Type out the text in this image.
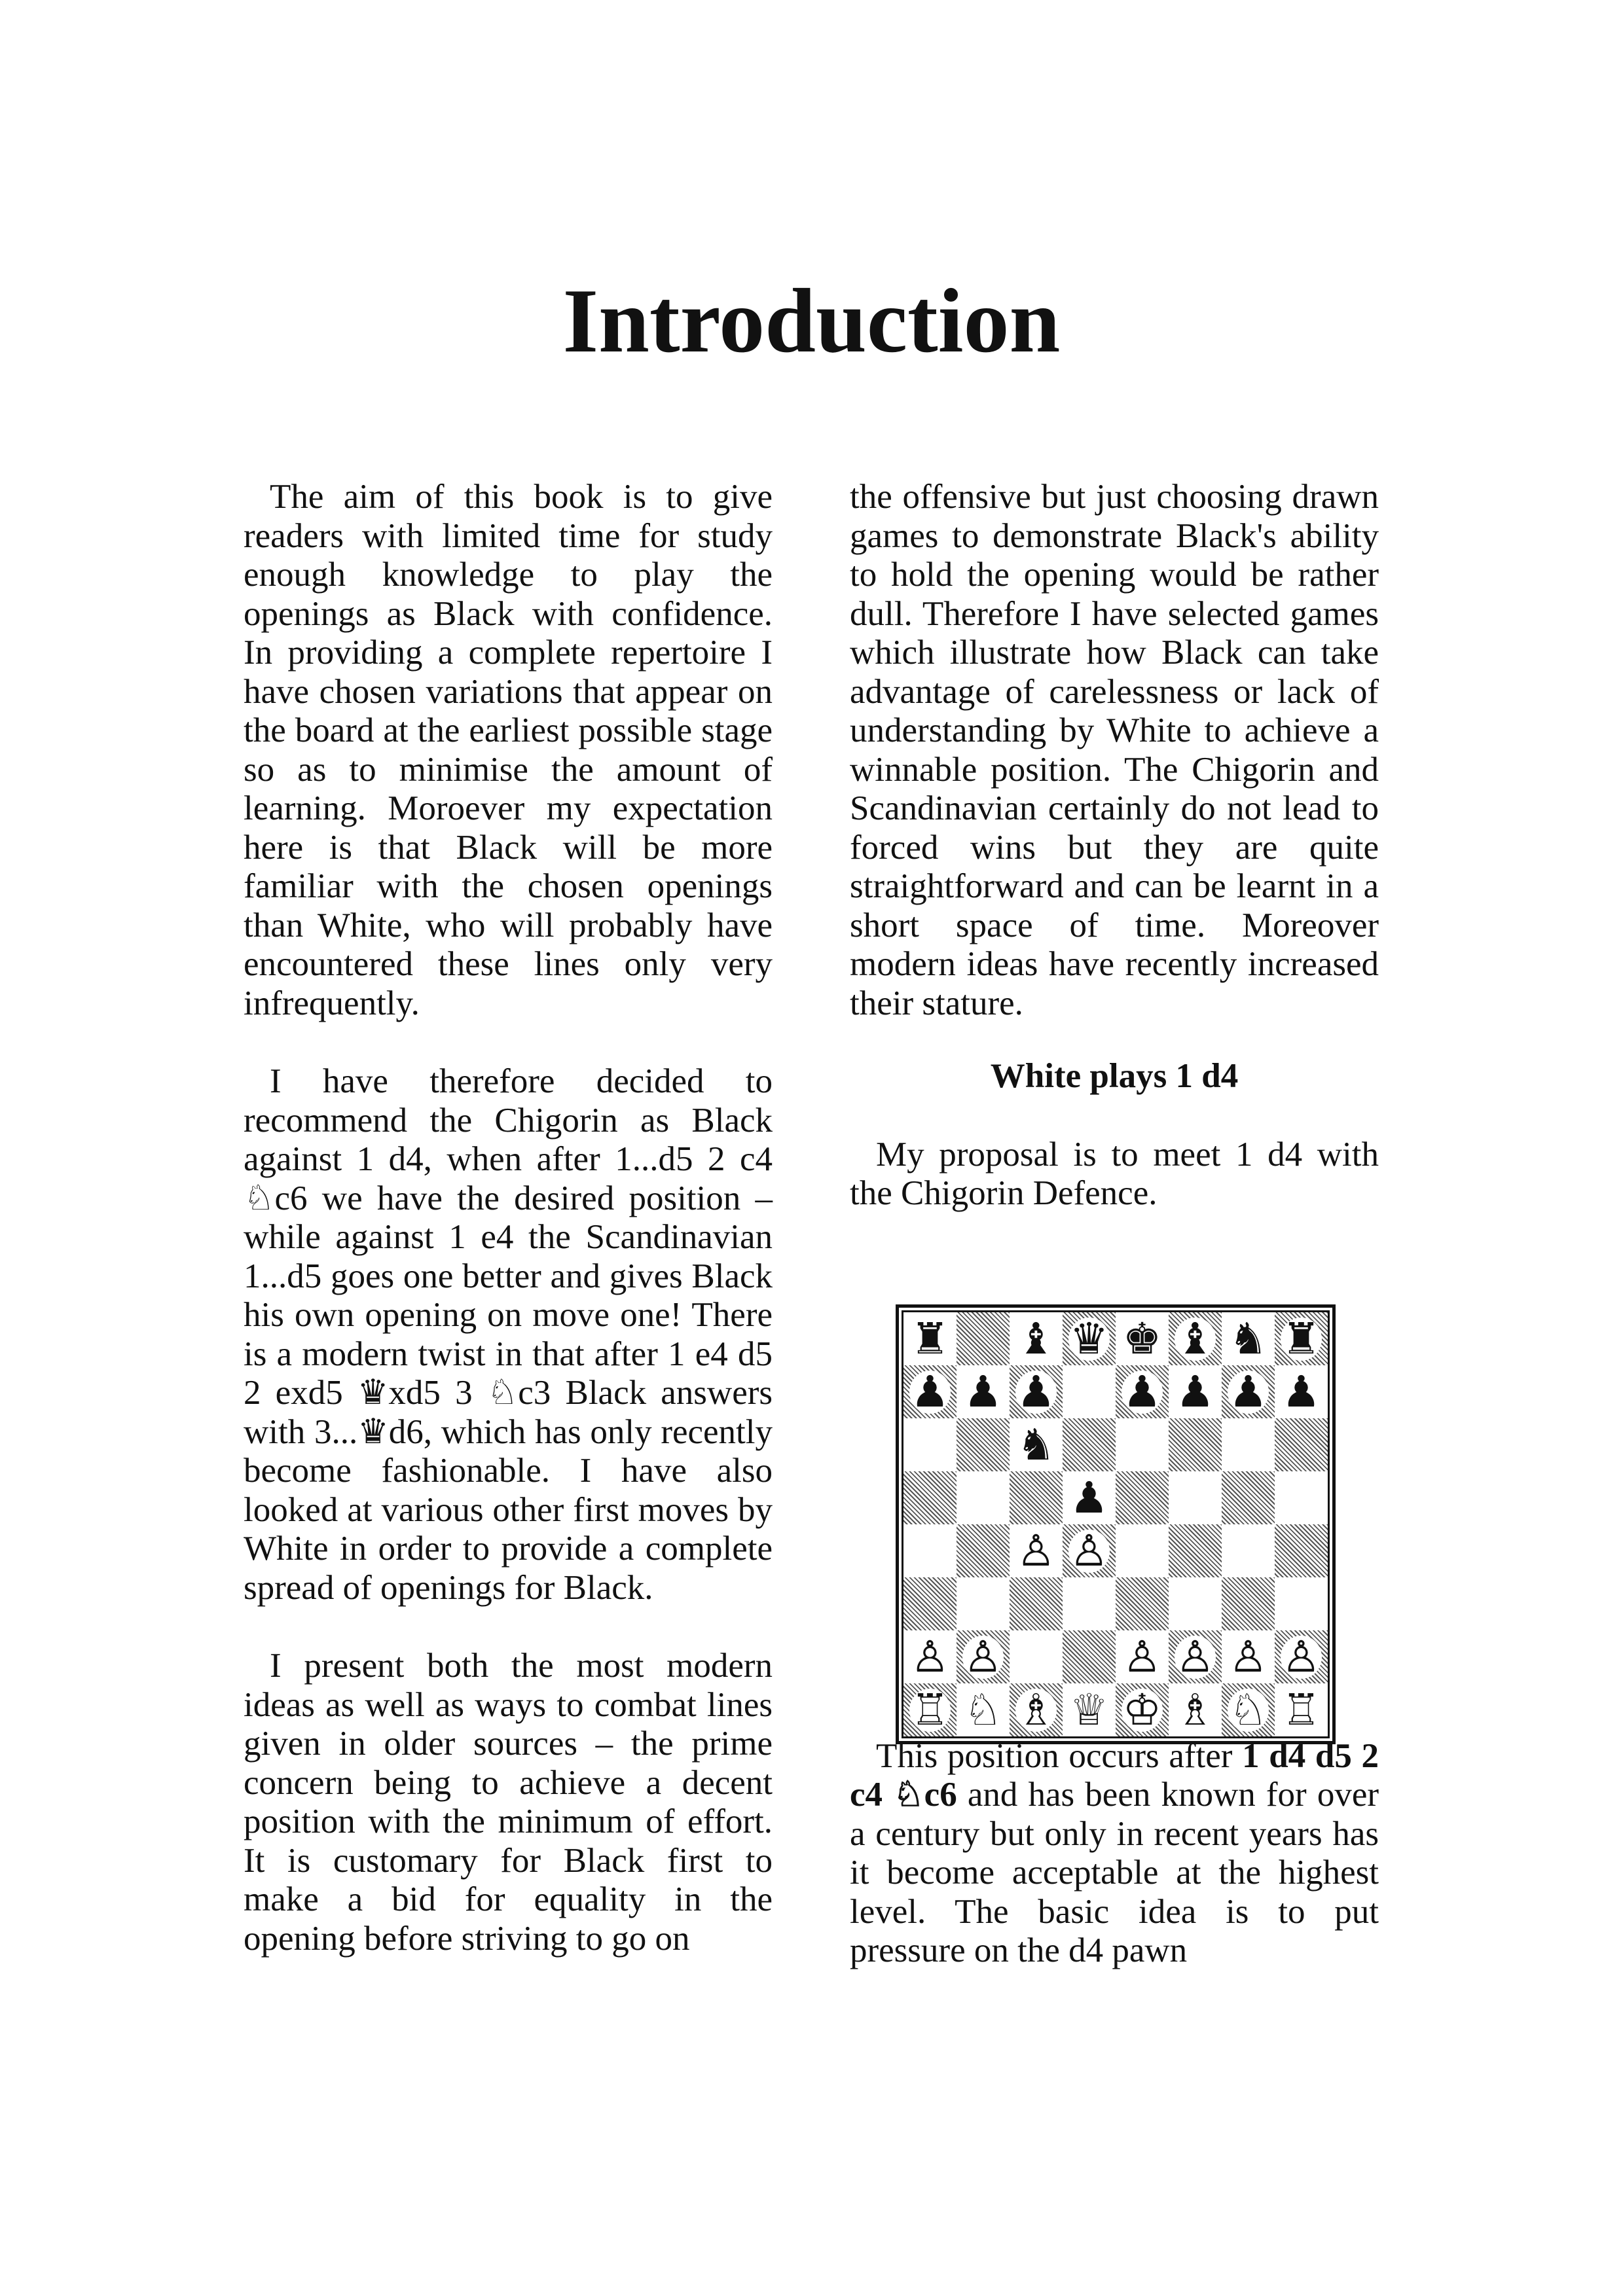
Introduction

The aim of this book is to give readers with limited time for study enough knowledge to play the openings as Black with confidence. In providing a complete repertoire I have chosen variations that appear on the board at the earliest possible stage so as to minimise the amount of learning. Moroever my expectation here is that Black will be more familiar with the chosen openings than White, who will probably have encountered these lines only very infrequently.

I have therefore decided to recommend the Chigorin as Black against 1 d4, when after 1...d5 2 c4 ♘c6 we have the desired position – while against 1 e4 the Scandinavian 1...d5 goes one better and gives Black his own opening on move one! There is a modern twist in that after 1 e4 d5 2 exd5 ♛xd5 3 ♘c3 Black answers with 3...♛d6, which has only recently become fashionable. I have also looked at various other first moves by White in order to provide a complete spread of openings for Black.

I present both the most modern ideas as well as ways to combat lines given in older sources – the prime concern being to achieve a decent position with the minimum of effort. It is customary for Black first to make a bid for equality in the opening before striving to go on

the offensive but just choosing drawn games to demonstrate Black's ability to hold the opening would be rather dull. Therefore I have selected games which illustrate how Black can take advantage of carelessness or lack of understanding by White to achieve a winnable position. The Chigorin and Scandinavian certainly do not lead to forced wins but they are quite straightforward and can be learnt in a short space of time. Moreover modern ideas have recently increased their stature.

White plays 1 d4

My proposal is to meet 1 d4 with the Chigorin Defence.

This position occurs after 1 d4 d5 2 c4 ♘c6 and has been known for over a century but only in recent years has it become acceptable at the highest level. The basic idea is to put pressure on the d4 pawn

♜ ♝ ♛ ♚ ♝ ♞ ♜
♟ ♟ ♟ ♟ ♟ ♟ ♟
♞
♟
♙ ♙
♙ ♙	♙ ♙ ♙ ♙
♖ ♘ ♗ ♕ ♔ ♗ ♘ ♖
